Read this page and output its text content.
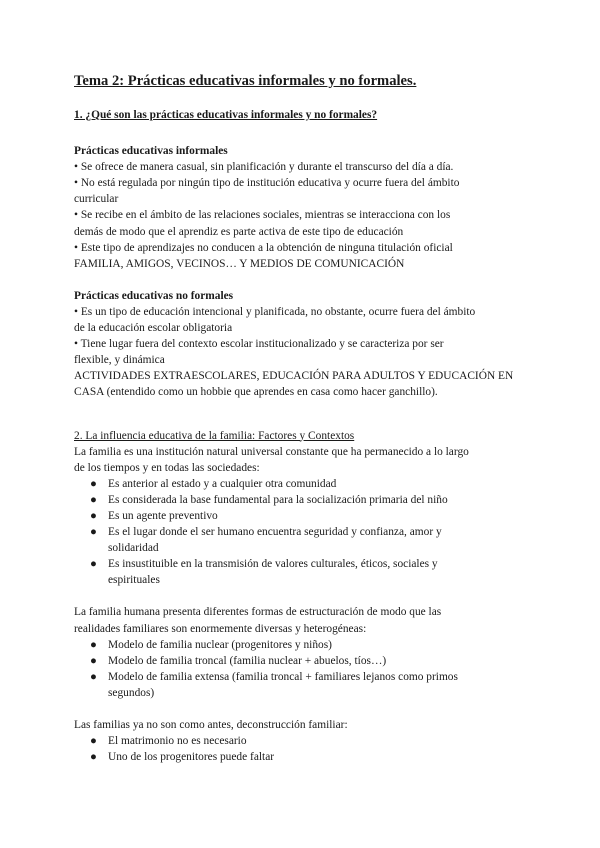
Tema 2: Prácticas educativas informales y no formales.

1. ¿Qué son las prácticas educativas informales y no formales?

Prácticas educativas informales

• Se ofrece de manera casual, sin planificación y durante el transcurso del día a día.

• No está regulada por ningún tipo de institución educativa y ocurre fuera del ámbito

curricular

• Se recibe en el ámbito de las relaciones sociales, mientras se interacciona con los

demás de modo que el aprendiz es parte activa de este tipo de educación

• Este tipo de aprendizajes no conducen a la obtención de ninguna titulación oficial

FAMILIA, AMIGOS, VECINOS… Y MEDIOS DE COMUNICACIÓN

Prácticas educativas no formales

• Es un tipo de educación intencional y planificada, no obstante, ocurre fuera del ámbito

de la educación escolar obligatoria

• Tiene lugar fuera del contexto escolar institucionalizado y se caracteriza por ser

flexible, y dinámica

ACTIVIDADES EXTRAESCOLARES, EDUCACIÓN PARA ADULTOS Y EDUCACIÓN EN

CASA (entendido como un hobbie que aprendes en casa como hacer ganchillo).

2. La influencia educativa de la familia: Factores y Contextos

La familia es una institución natural universal constante que ha permanecido a lo largo

de los tiempos y en todas las sociedades:

● Es anterior al estado y a cualquier otra comunidad
● Es considerada la base fundamental para la socialización primaria del niño
● Es un agente preventivo
● Es el lugar donde el ser humano encuentra seguridad y confianza, amor y
solidaridad
● Es insustituible en la transmisión de valores culturales, éticos, sociales y
espirituales

La familia humana presenta diferentes formas de estructuración de modo que las

realidades familiares son enormemente diversas y heterogéneas:

● Modelo de familia nuclear (progenitores y niños)
● Modelo de familia troncal (familia nuclear + abuelos, tíos…)
● Modelo de familia extensa (familia troncal + familiares lejanos como primos
segundos)

Las familias ya no son como antes, deconstrucción familiar:

● El matrimonio no es necesario
● Uno de los progenitores puede faltar
